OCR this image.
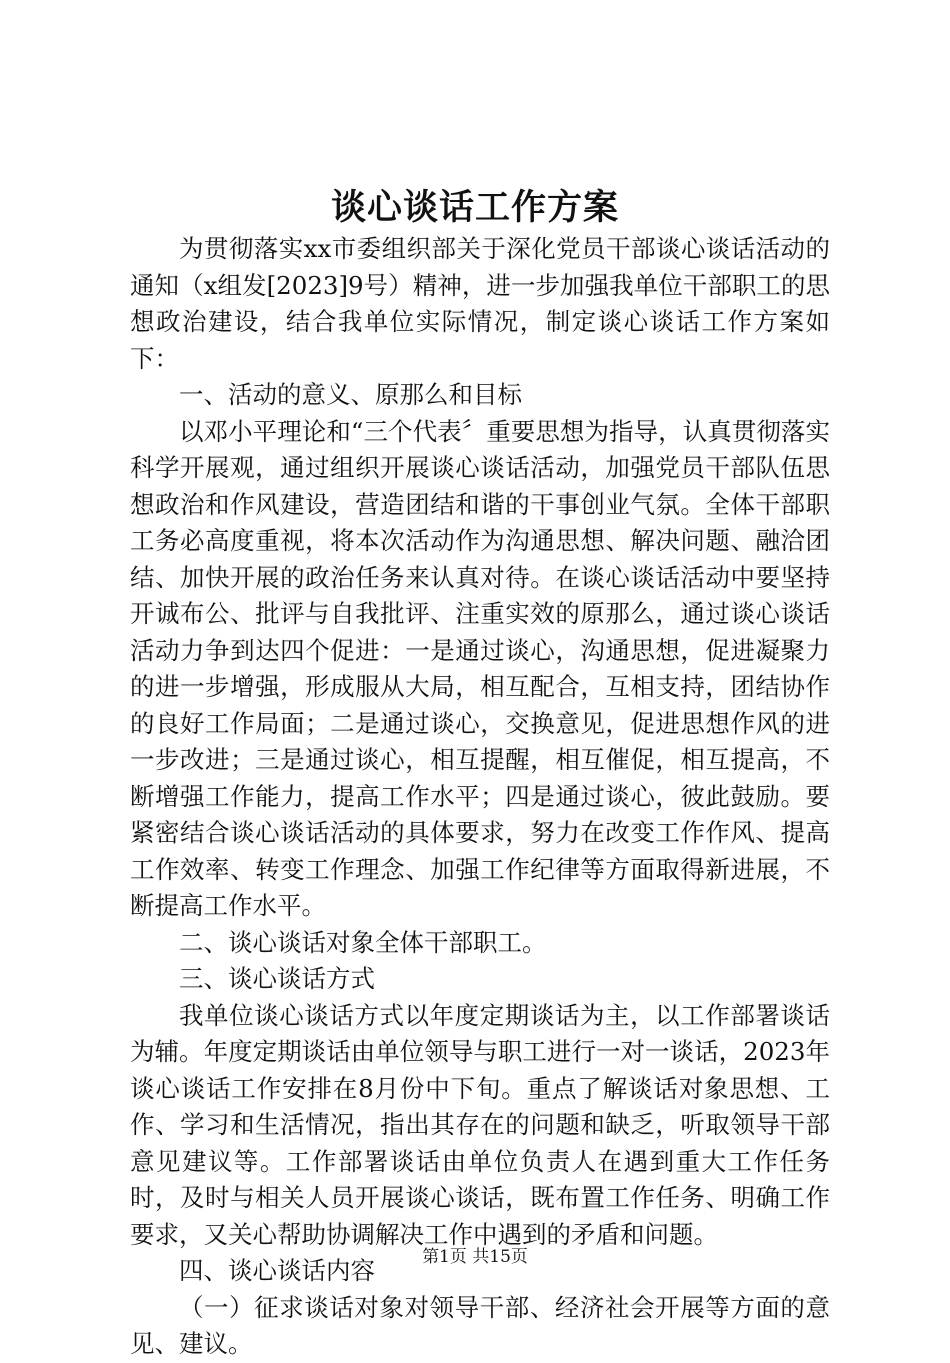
谈心谈话工作方案

为贯彻落实xx市委组织部关于深化党员干部谈心谈话活动的通知（x组发[2023]9号）精神，进一步加强我单位干部职工的思想政治建设，结合我单位实际情况，制定谈心谈话工作方案如下：

一、活动的意义、原那么和目标

以邓小平理论和“三个代表〞重要思想为指导，认真贯彻落实科学开展观，通过组织开展谈心谈话活动，加强党员干部队伍思想政治和作风建设，营造团结和谐的干事创业气氛。全体干部职工务必高度重视，将本次活动作为沟通思想、解决问题、融洽团结、加快开展的政治任务来认真对待。在谈心谈话活动中要坚持开诚布公、批评与自我批评、注重实效的原那么，通过谈心谈话活动力争到达四个促进：一是通过谈心，沟通思想，促进凝聚力的进一步增强，形成服从大局，相互配合，互相支持，团结协作的良好工作局面；二是通过谈心，交换意见，促进思想作风的进一步改进；三是通过谈心，相互提醒，相互催促，相互提高，不断增强工作能力，提高工作水平；四是通过谈心，彼此鼓励。要紧密结合谈心谈话活动的具体要求，努力在改变工作作风、提高工作效率、转变工作理念、加强工作纪律等方面取得新进展，不断提高工作水平。

二、谈心谈话对象全体干部职工。

三、谈心谈话方式

我单位谈心谈话方式以年度定期谈话为主，以工作部署谈话为辅。年度定期谈话由单位领导与职工进行一对一谈话，2023年谈心谈话工作安排在8月份中下旬。重点了解谈话对象思想、工作、学习和生活情况，指出其存在的问题和缺乏，听取领导干部意见建议等。工作部署谈话由单位负责人在遇到重大工作任务时，及时与相关人员开展谈心谈话，既布置工作任务、明确工作要求，又关心帮助协调解决工作中遇到的矛盾和问题。

四、谈心谈话内容

（一）征求谈话对象对领导干部、经济社会开展等方面的意见、建议。

第1页 共15页
